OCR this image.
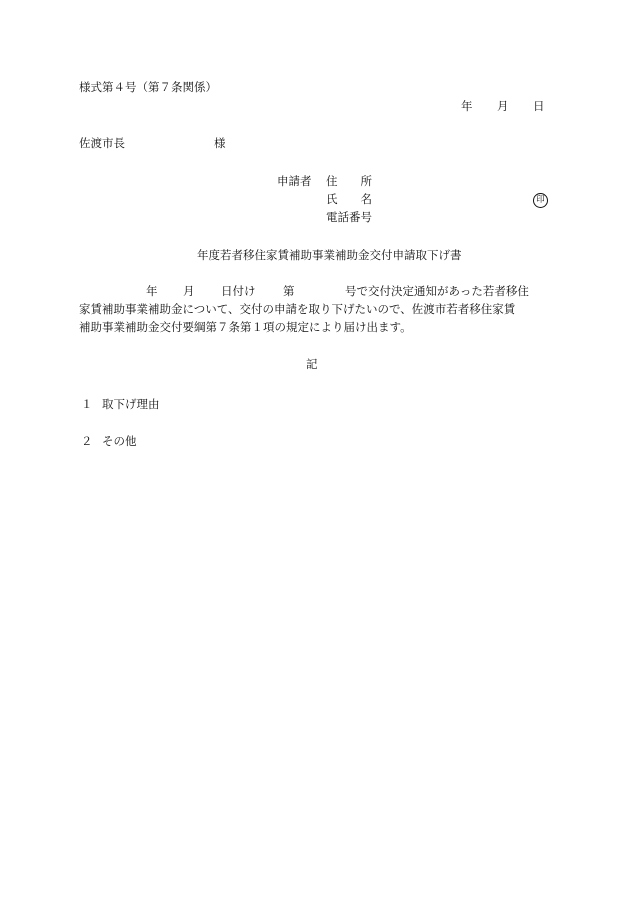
様式第４号（第７条関係）
年 月 日
佐渡市長	様
申請者 住　　所
氏　　名	印
電話番号
年度若者移住家賃補助事業補助金交付申請取下げ書
年 月 日付け 第	号で交付決定通知があった若者移住
家賃補助事業補助金について、交付の申請を取り下げたいので、佐渡市若者移住家賃
補助事業補助金交付要綱第７条第１項の規定により届け出ます。
記
１ 取下げ理由
２ その他
